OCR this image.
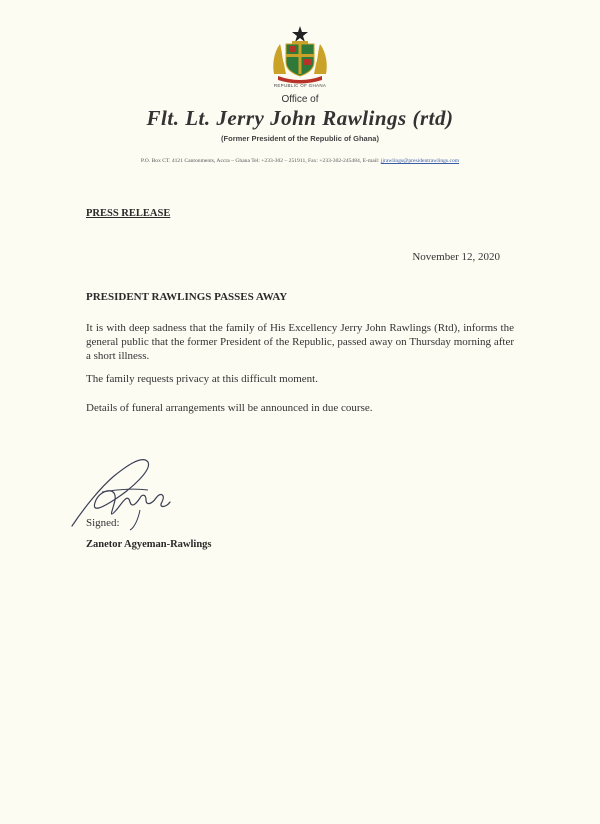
REPUBLIC OF GHANA
Office of
Flt. Lt. Jerry John Rawlings (rtd)
(Former President of the Republic of Ghana)
P.O. Box CT. 4121 Cantonments, Accra – Ghana Tel: +233-302 – 251911, Fax: +233-302-245484, E-mail: jjrawlings@presidentrawlings.com
PRESS RELEASE
November 12, 2020
PRESIDENT RAWLINGS PASSES AWAY
It is with deep sadness that the family of His Excellency Jerry John Rawlings (Rtd), informs the general public that the former President of the Republic, passed away on Thursday morning after a short illness.
The family requests privacy at this difficult moment.
Details of funeral arrangements will be announced in due course.
Signed:
Zanetor Agyeman-Rawlings
